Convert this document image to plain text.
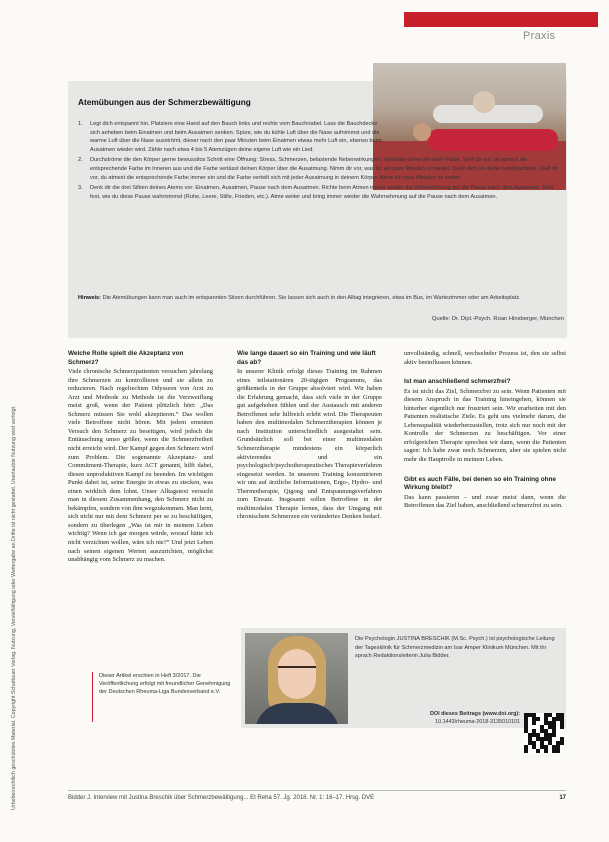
Urheberrechtlich geschütztes Material. Copyright Schattauer Verlag. Nutzung, Vervielfältigung oder Weitergabe an Dritte ist nicht gestattet. Unerlaubte Nutzung wird verfolgt.
Praxis
Atemübungen aus der Schmerzbewältigung
1. Legt dich entspannt hin. Platziere eine Hand auf den Bauch links und rechts vom Bauchnabel. Lass die Bauchdecke sich anheben beim Einatmen und beim Ausatmen senken. Spüre, wie du kühle Luft über die Nase aufnimmst und die warme Luft über die Nase ausströmt, dieser nach den paar Minuten beim Einatmen etwas mehr Luft ein, ebenso beim Ausatmen wieder wird. Zähle nach etwa 4 bis 5 Atemzügen deine eigene Luft wie ein Lied.
2. Durchströme die den Körper gerne bewusstlos Schritt eine Öffnung: Stress, Schmerzen, belastende Nebenwirkungen. Verbinde diese mit einer Farbe. Stell dir vor, du atmest die entsprechende Farbe im Inneren aus und die Farbe verlässt deinen Körper über die Ausatmung. Nimm dir vor, was für ein paar Minuten so weiter. Denk dich an deine Lieblingsfarbe. Stell dir vor, du atmest die entsprechende Farbe immer ein und die Farbe verteilt sich mit jeder Ausatmung in deinem Körper. Atme ein paar Minuten so weiter.
3. Denk dir die drei Silben deines Atems vor: Einatmen, Ausatmen, Pause nach dem Ausatmen. Richte beim Atmen immer wieder die Wahrnehmung auf die Pause nach dem Ausatmen. Stell fest, wie du diese Pause wahrnimmst (Ruhe, Leere, Stille, Frieden, etc.). Atme weiter und bring immer wieder die Wahrnehmung auf die Pause nach dem Ausatmen.
Hinweis: Die Atemübungen kann man auch im entspannten Sitzen durchführen. Sie lassen sich auch in den Alltag integrieren, etwa im Bus, im Wartezimmer oder am Arbeitsplatz.
Quelle: Dr. Dipl.-Psych. Roan Hinsberger, München
Welche Rolle spielt die Akzeptanz von Schmerz?

Viele chronische Schmerzpatienten versuchen jahrelang ihre Schmerzen zu kontrollieren und sie allein zu reduzieren. Nach regelrechten Odysseen von Arzt zu Arzt und Methode zu Methode ist die Verzweiflung meist groß, wenn der Patient plötzlich hört: „Das Schmerz müssen Sie wohl akzeptieren.“ Das wollen viele Betroffene nicht hören. Mit jedem erneuten Versuch den Schmerz zu beseitigen, wird jedoch die Enttäuschung umso größer, wenn die Schmerzfreiheit nicht erreicht wird. Der Kampf gegen den Schmerz wird zum Problem. Die sogenannte Akzeptanz- und Commitment-Therapie, kurz ACT genannt, hilft dabei, diesen unproduktiven Kampf zu beenden. Im wichtigen Punkt dabei ist, seine Energie in etwas zu stecken, was einen wirklich dem lohnt. Unser Alltagstext versucht man in diesem Zusammenhang, den Schmerz nicht zu bekämpfen, sondern von ihm wegzukommen. Man lernt, sich nicht nur mit dem Schmerz per se zu beschäftigen, sondern zu überlegen „Was ist mir in meinem Leben wichtig? Wenn ich gar morgen würde, worauf hätte ich nicht verzichten wollen, wäre ich nie?“ Und jetzt Leben nach seinen eigenen Werten auszurichten, möglichst unabhängig vom Schmerz zu machen.

Wie lange dauert so ein Training und wie läuft das ab?

In unserer Klinik erfolgt dieses Training im Rahmen eines teilstationären 20-tägigen Programms, das größtenteils in der Gruppe absolviert wird. Wir haben die Erfahrung gemacht, dass sich viele in der Gruppe gut aufgehoben fühlen und der Austausch mit anderen Betroffenen sehr hilfreich erlebt wird. Die Therapeuten haben den multimodalen Schmerztherapien können je nach Institution unterschiedlich ausgestaltet sein. Grundsätzlich soll bei einer multimodalen Schmerztherapie mindestens ein körperlich aktivierendes und ein psychologisch/psychotherapeutisches Therapieverfahren eingesetzt werden. In unserem Training konzentrieren wir uns auf ärztliche Informationen, Ergo-, Hydro- und Thermotherapie, Qigong und Entspannungsverfahren zum Einsatz. Insgesamt sollen Betroffene in der multimodalen Therapie lernen, dass der Umgang mit chronischem Schmerzen ein verändertes Denken bedarf.

unvollständig, schnell, wechselnder Prozess ist, den sie selbst aktiv beeinflussen können.

Ist man anschließend schmerzfrei?

Es ist nicht das Ziel, Schmerzfrei zu sein. Wenn Patienten mit diesem Anspruch in das Training hineingehen, können sie hinterher eigentlich nur frustriert sein. Wir erarbeiten mit den Patienten realistische Ziele. Es geht uns vielmehr darum, die Lebensqualität wiederherzustellen, trotz sich nur noch mit der Kontrolle der Schmerzen zu beschäftigen. Vor einer erfolgreichen Therapie sprechen wir dann, wenn die Patienten sagen: Ich habe zwar noch Schmerzen, aber sie spielen nicht mehr die Hauptrolle in meinem Leben.

Gibt es auch Fälle, bei denen so ein Training ohne Wirkung bleibt?

Das kann passieren – und zwar meist dann, wenn die Betroffenen das Ziel haben, anschließend schmerzfrei zu sein.

Dieser Artikel erschien in Heft 3/2017. Die Veröffentlichung erfolgt mit freundlicher Genehmigung der Deutschen Rheuma-Liga Bundesverband e.V.
Die Psychologin JUSTINA BRESCHIK (M.Sc. Psych.) ist psychologische Leitung der Tagesklinik für Schmerzmedizin am Isar Amper Klinikum München. Mit ihr sprach Redaktionsleiterin Julia Bidder.
DOI dieses Beitrags (www.doi.org):
10.1443/rheuma-2018-3135010101
Bidder J. Interview mit Justina Breschik über Schmerzbewältigung... Et Reha 57. Jg. 2018. Nr. 1: 16–17. Hrsg. DVE	17
